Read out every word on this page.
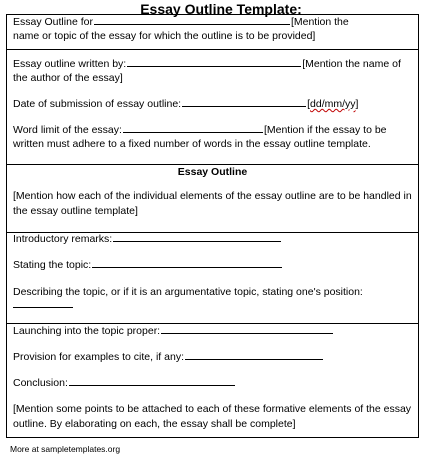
Essay Outline Template:
Essay Outline for	[Mention the
name or topic of the essay for which the outline is to be provided]
Essay outline written by:	[Mention the name of
the author of the essay]
Date of submission of essay outline:	[dd/mm/yy]
Word limit of the essay:	[Mention if the essay to be
written must adhere to a fixed number of words in the essay outline template.
Essay Outline
[Mention how each of the individual elements of the essay outline are to be handled in the essay outline template]
Introductory remarks:
Stating the topic:
Describing the topic, or if it is an argumentative topic, stating one's position:
Launching into the topic proper:
Provision for examples to cite, if any:
Conclusion:
[Mention some points to be attached to each of these formative elements of the essay outline. By elaborating on each, the essay shall be complete]
More at sampletemplates.org
